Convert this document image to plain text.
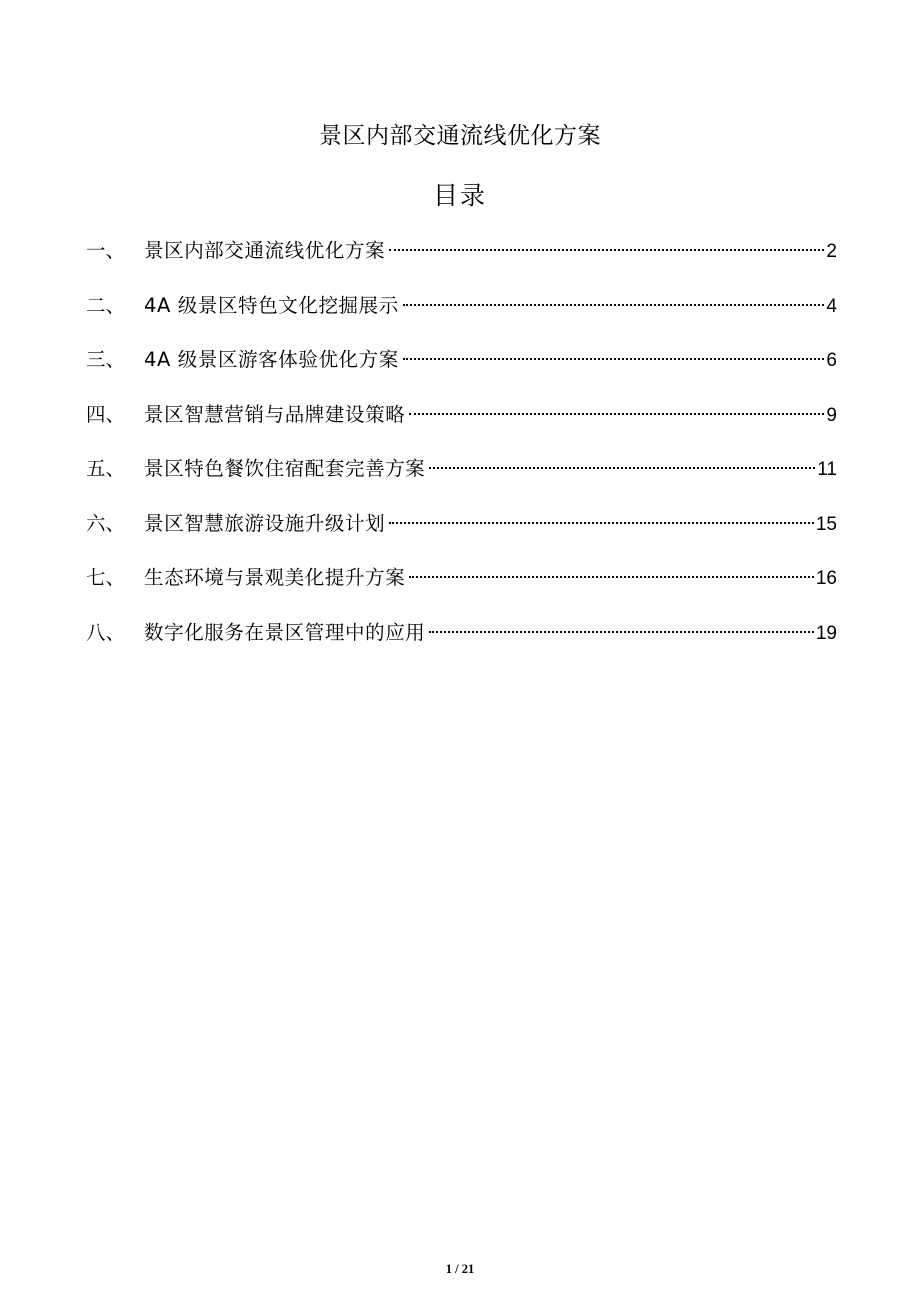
景区内部交通流线优化方案
目录
一、 景区内部交通流线优化方案	2
二、 4A 级景区特色文化挖掘展示	4
三、 4A 级景区游客体验优化方案	6
四、 景区智慧营销与品牌建设策略	9
五、 景区特色餐饮住宿配套完善方案	11
六、 景区智慧旅游设施升级计划	15
七、 生态环境与景观美化提升方案	16
八、 数字化服务在景区管理中的应用	19
1 / 21
